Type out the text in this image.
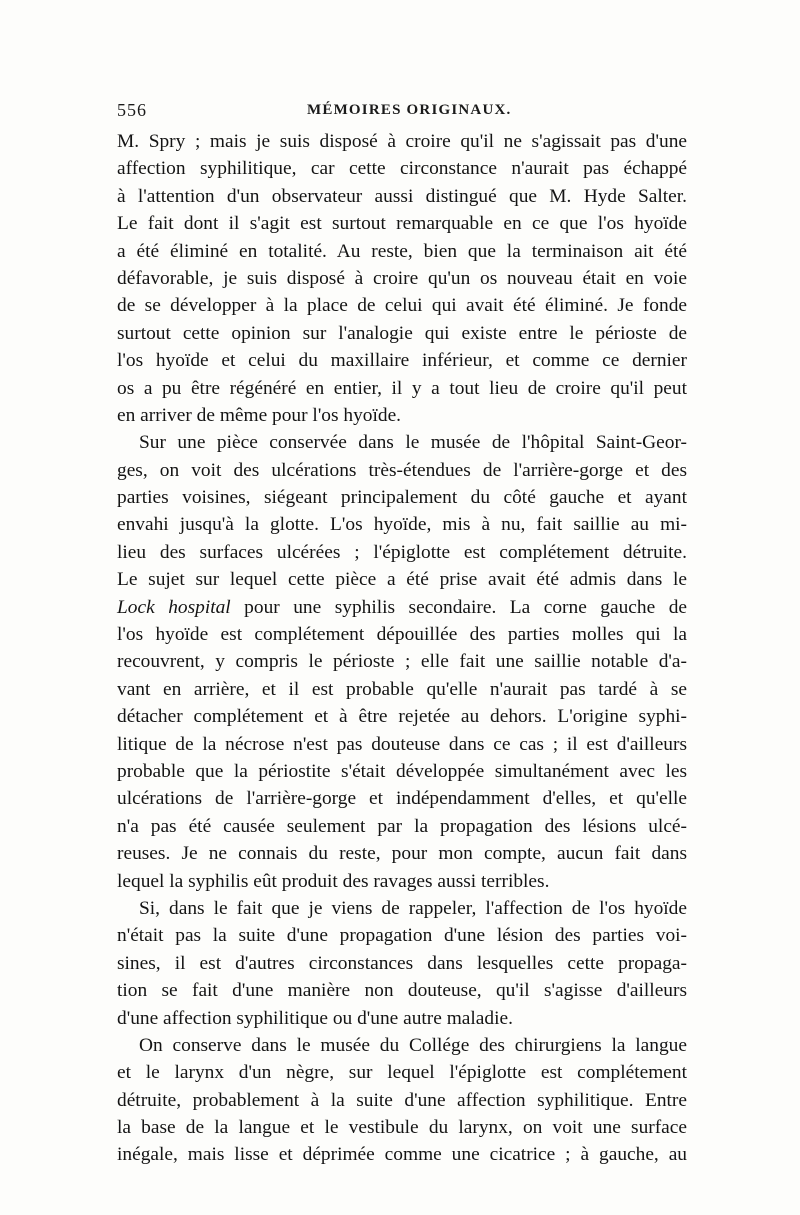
556	MÉMOIRES ORIGINAUX.
M. Spry ; mais je suis disposé à croire qu'il ne s'agissait pas d'une
affection syphilitique, car cette circonstance n'aurait pas échappé
à l'attention d'un observateur aussi distingué que M. Hyde Salter.
Le fait dont il s'agit est surtout remarquable en ce que l'os hyoïde
a été éliminé en totalité. Au reste, bien que la terminaison ait été
défavorable, je suis disposé à croire qu'un os nouveau était en voie
de se développer à la place de celui qui avait été éliminé. Je fonde
surtout cette opinion sur l'analogie qui existe entre le périoste de
l'os hyoïde et celui du maxillaire inférieur, et comme ce dernier
os a pu être régénéré en entier, il y a tout lieu de croire qu'il peut
en arriver de même pour l'os hyoïde.
Sur une pièce conservée dans le musée de l'hôpital Saint-Geor-
ges, on voit des ulcérations très-étendues de l'arrière-gorge et des
parties voisines, siégeant principalement du côté gauche et ayant
envahi jusqu'à la glotte. L'os hyoïde, mis à nu, fait saillie au mi-
lieu des surfaces ulcérées ; l'épiglotte est complétement détruite.
Le sujet sur lequel cette pièce a été prise avait été admis dans le
Lock hospital pour une syphilis secondaire. La corne gauche de
l'os hyoïde est complétement dépouillée des parties molles qui la
recouvrent, y compris le périoste ; elle fait une saillie notable d'a-
vant en arrière, et il est probable qu'elle n'aurait pas tardé à se
détacher complétement et à être rejetée au dehors. L'origine syphi-
litique de la nécrose n'est pas douteuse dans ce cas ; il est d'ailleurs
probable que la périostite s'était développée simultanément avec les
ulcérations de l'arrière-gorge et indépendamment d'elles, et qu'elle
n'a pas été causée seulement par la propagation des lésions ulcé-
reuses. Je ne connais du reste, pour mon compte, aucun fait dans
lequel la syphilis eût produit des ravages aussi terribles.
Si, dans le fait que je viens de rappeler, l'affection de l'os hyoïde
n'était pas la suite d'une propagation d'une lésion des parties voi-
sines, il est d'autres circonstances dans lesquelles cette propaga-
tion se fait d'une manière non douteuse, qu'il s'agisse d'ailleurs
d'une affection syphilitique ou d'une autre maladie.
On conserve dans le musée du Collége des chirurgiens la langue
et le larynx d'un nègre, sur lequel l'épiglotte est complétement
détruite, probablement à la suite d'une affection syphilitique. Entre
la base de la langue et le vestibule du larynx, on voit une surface
inégale, mais lisse et déprimée comme une cicatrice ; à gauche, au
